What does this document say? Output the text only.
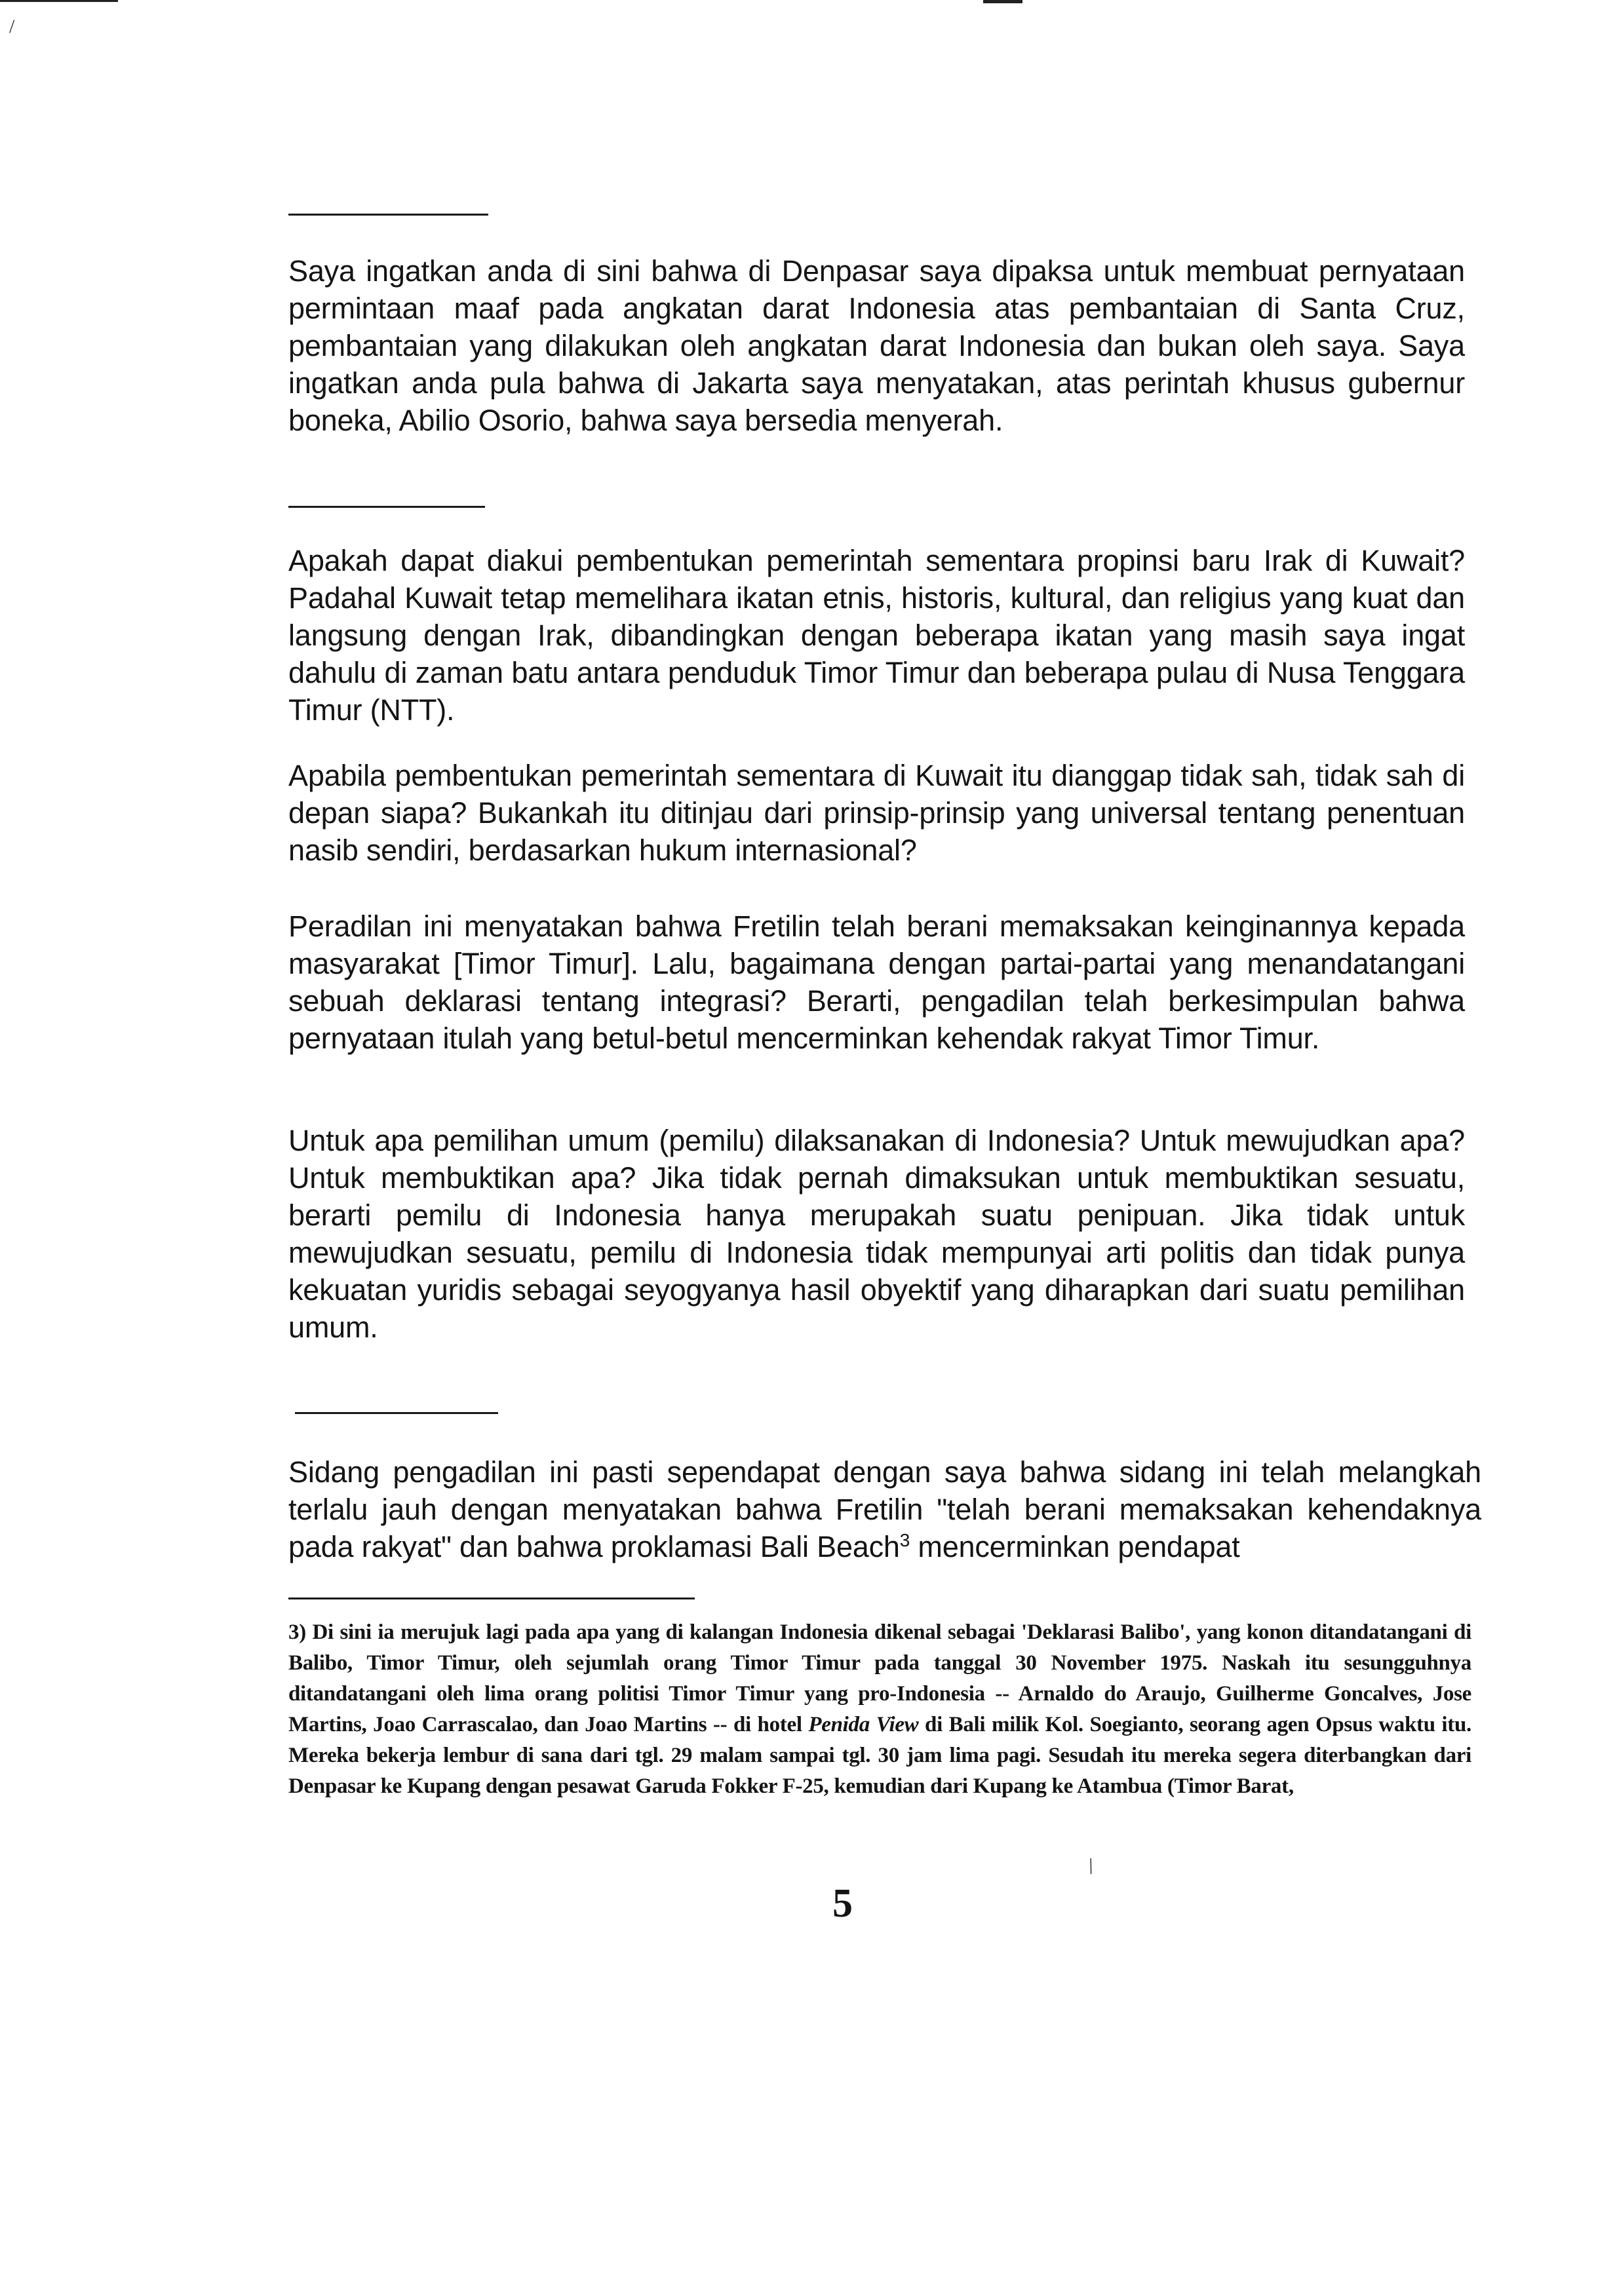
/

Saya ingatkan anda di sini bahwa di Denpasar saya dipaksa untuk membuat pernyataan permintaan maaf pada angkatan darat Indonesia atas pembantaian di Santa Cruz, pembantaian yang dilakukan oleh angkatan darat Indonesia dan bukan oleh saya. Saya ingatkan anda pula bahwa di Jakarta saya menyatakan, atas perintah khusus gubernur boneka, Abilio Osorio, bahwa saya bersedia menyerah.

Apakah dapat diakui pembentukan pemerintah sementara propinsi baru Irak di Kuwait? Padahal Kuwait tetap memelihara ikatan etnis, historis, kultural, dan religius yang kuat dan langsung dengan Irak, dibandingkan dengan beberapa ikatan yang masih saya ingat dahulu di zaman batu antara penduduk Timor Timur dan beberapa pulau di Nusa Tenggara Timur (NTT).

Apabila pembentukan pemerintah sementara di Kuwait itu dianggap tidak sah, tidak sah di depan siapa? Bukankah itu ditinjau dari prinsip-prinsip yang universal tentang penentuan nasib sendiri, berdasarkan hukum internasional?

Peradilan ini menyatakan bahwa Fretilin telah berani memaksakan keinginannya kepada masyarakat [Timor Timur]. Lalu, bagaimana dengan partai-partai yang menandatangani sebuah deklarasi tentang integrasi? Berarti, pengadilan telah berkesimpulan bahwa pernyataan itulah yang betul-betul mencerminkan kehendak rakyat Timor Timur.

Untuk apa pemilihan umum (pemilu) dilaksanakan di Indonesia? Untuk mewujudkan apa? Untuk membuktikan apa? Jika tidak pernah dimaksukan untuk membuktikan sesuatu, berarti pemilu di Indonesia hanya merupakah suatu penipuan. Jika tidak untuk mewujudkan sesuatu, pemilu di Indonesia tidak mempunyai arti politis dan tidak punya kekuatan yuridis sebagai seyogyanya hasil obyektif yang diharapkan dari suatu pemilihan umum.

Sidang pengadilan ini pasti sependapat dengan saya bahwa sidang ini telah melangkah terlalu jauh dengan menyatakan bahwa Fretilin "telah berani memaksakan kehendaknya pada rakyat" dan bahwa proklamasi Bali Beach$^3$ mencerminkan pendapat

3) Di sini ia merujuk lagi pada apa yang di kalangan Indonesia dikenal sebagai 'Deklarasi Balibo', yang konon ditandatangani di Balibo, Timor Timur, oleh sejumlah orang Timor Timur pada tanggal 30 November 1975. Naskah itu sesungguhnya ditandatangani oleh lima orang politisi Timor Timur yang pro-Indonesia -- Arnaldo do Araujo, Guilherme Goncalves, Jose Martins, Joao Carrascalao, dan Joao Martins -- di hotel Penida View di Bali milik Kol. Soegianto, seorang agen Opsus waktu itu. Mereka bekerja lembur di sana dari tgl. 29 malam sampai tgl. 30 jam lima pagi. Sesudah itu mereka segera diterbangkan dari Denpasar ke Kupang dengan pesawat Garuda Fokker F-25, kemudian dari Kupang ke Atambua (Timor Barat,

/
5
